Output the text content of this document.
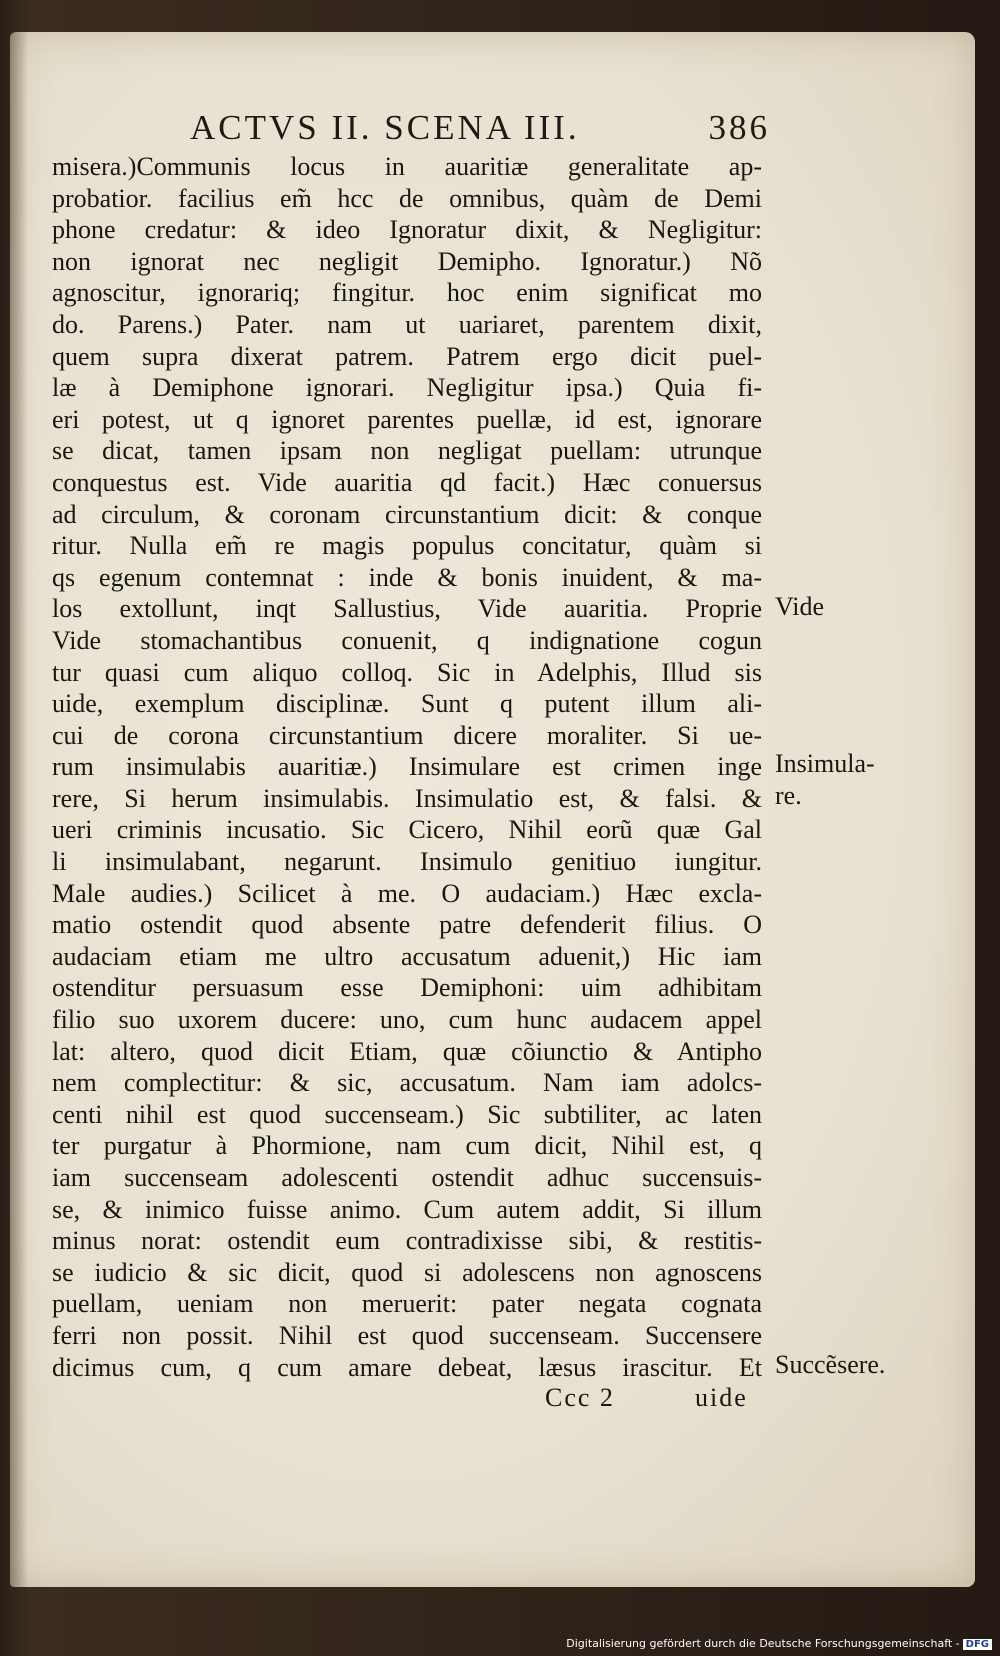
ACTVS II. SCENA III.	386
misera.)Communis locus in auaritiæ generalitate ap-
probatior. facilius em̃ hcc de omnibus, quàm de Demi
phone credatur: & ideo Ignoratur dixit, & Negligitur:
non ignorat nec negligit Demipho. Ignoratur.) Nõ
agnoscitur, ignorariq; fingitur. hoc enim significat mo
do. Parens.) Pater. nam ut uariaret, parentem dixit,
quem supra dixerat patrem. Patrem ergo dicit puel-
læ à Demiphone ignorari. Negligitur ipsa.) Quia fi-
eri potest, ut q ignoret parentes puellæ, id est, ignorare
se dicat, tamen ipsam non negligat puellam: utrunque
conquestus est. Vide auaritia qd facit.) Hæc conuersus
ad circulum, & coronam circunstantium dicit: & conque
ritur. Nulla em̃ re magis populus concitatur, quàm si
qs egenum contemnat : inde & bonis inuident, & ma-
los extollunt, inqt Sallustius, Vide auaritia. Proprie
Vide stomachantibus conuenit, q indignatione cogun
tur quasi cum aliquo colloq. Sic in Adelphis, Illud sis
uide, exemplum disciplinæ. Sunt q putent illum ali-
cui de corona circunstantium dicere moraliter. Si ue-
rum insimulabis auaritiæ.) Insimulare est crimen inge
rere, Si herum insimulabis. Insimulatio est, & falsi. &
ueri criminis incusatio. Sic Cicero, Nihil eorũ quæ Gal
li insimulabant, negarunt. Insimulo genitiuo iungitur.
Male audies.) Scilicet à me. O audaciam.) Hæc excla-
matio ostendit quod absente patre defenderit filius. O
audaciam etiam me ultro accusatum aduenit,) Hic iam
ostenditur persuasum esse Demiphoni: uim adhibitam
filio suo uxorem ducere: uno, cum hunc audacem appel
lat: altero, quod dicit Etiam, quæ cõiunctio & Antipho
nem complectitur: & sic, accusatum. Nam iam adolcs-
centi nihil est quod succenseam.) Sic subtiliter, ac laten
ter purgatur à Phormione, nam cum dicit, Nihil est, q
iam succenseam adolescenti ostendit adhuc succensuis-
se, & inimico fuisse animo. Cum autem addit, Si illum
minus norat: ostendit eum contradixisse sibi, & restitis-
se iudicio & sic dicit, quod si adolescens non agnoscens
puellam, ueniam non meruerit: pater negata cognata
ferri non possit. Nihil est quod succenseam. Succensere
dicimus cum, q cum amare debeat, læsus irascitur. Et
Vide
Insimula-
re.
Succẽsere.
Ccc 2	uide
Digitalisierung gefördert durch die Deutsche Forschungsgemeinschaft - DFG
